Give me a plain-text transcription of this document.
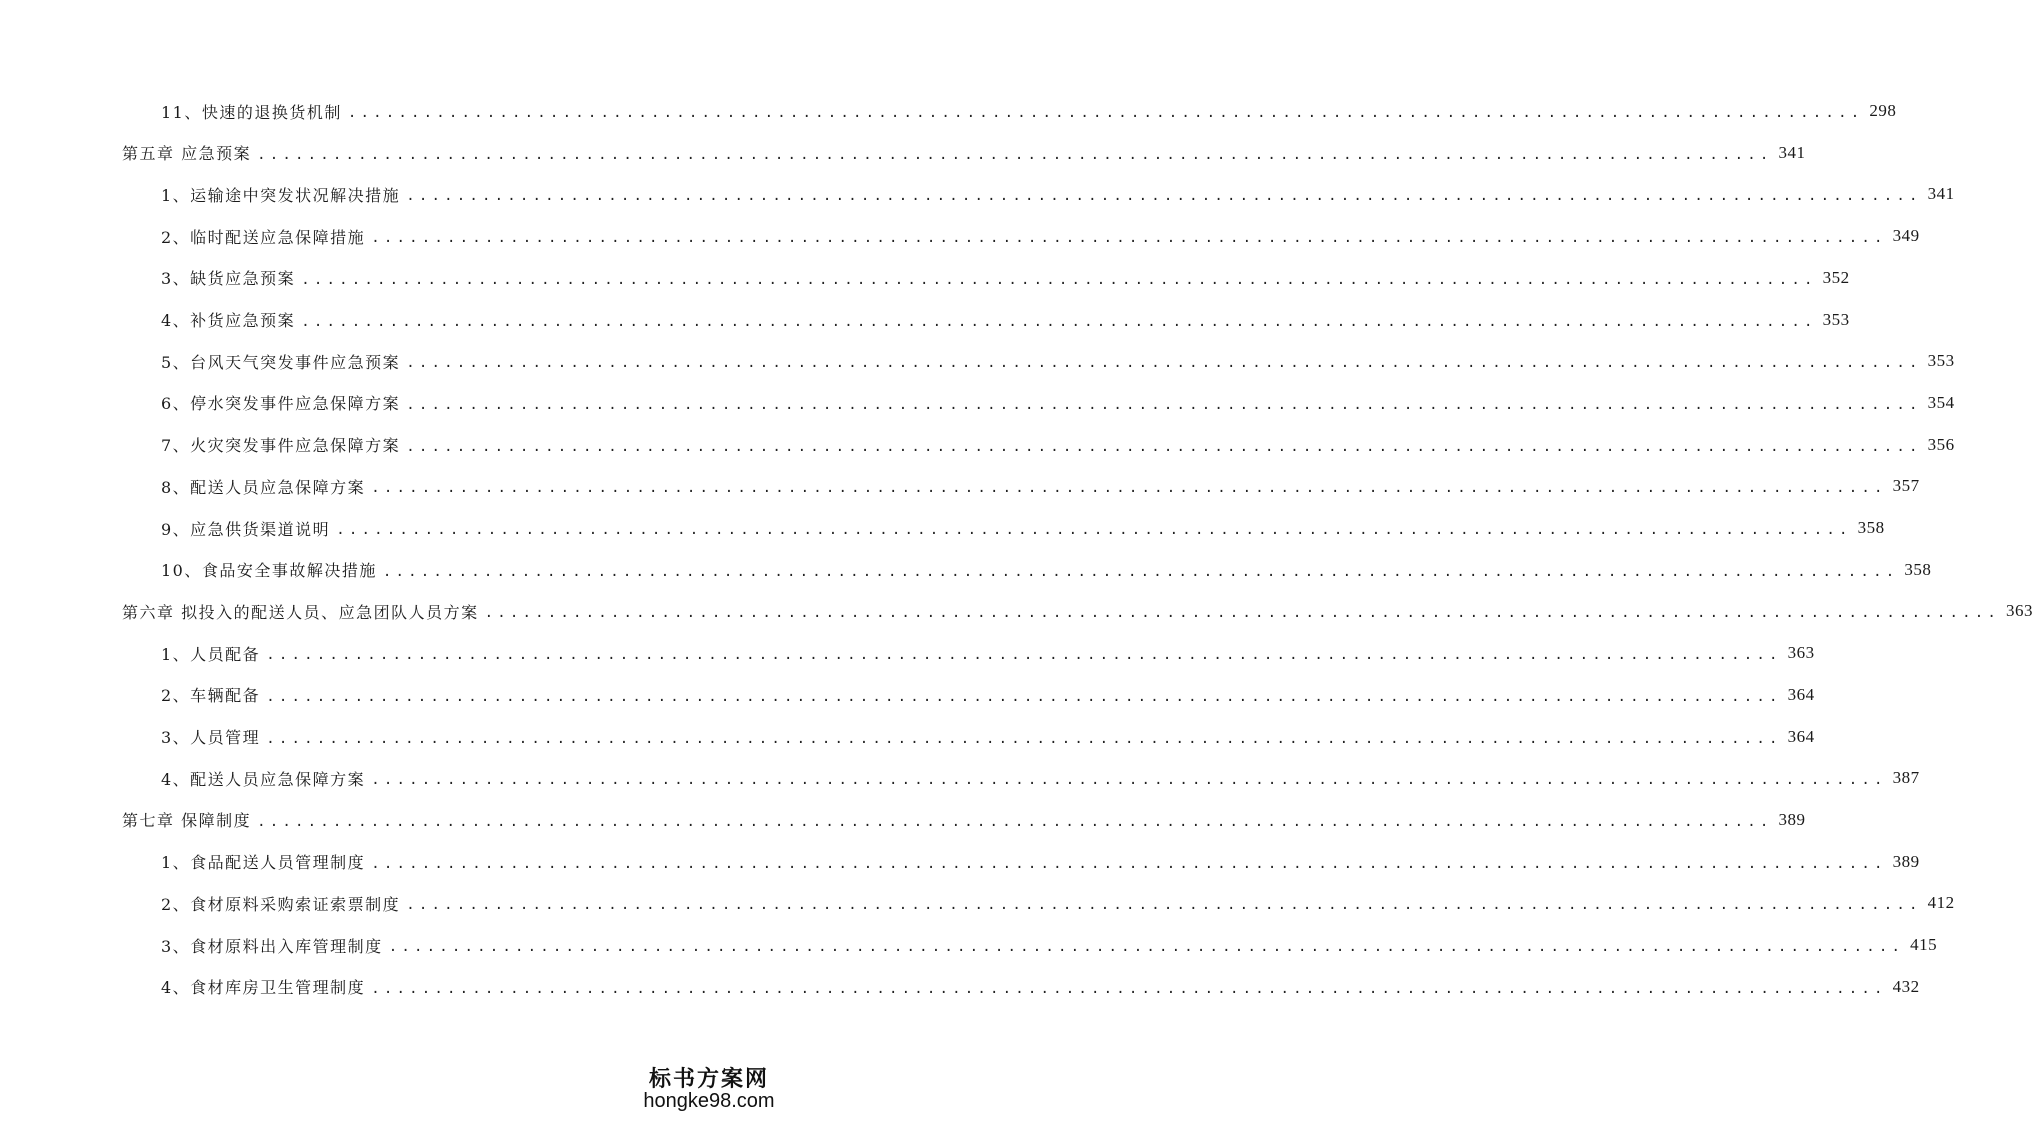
11、快速的退换货机制 ........................................................................................................................ 298
第五章 应急预案 ........................................................................................................................ 341
1、运输途中突发状况解决措施 ........................................................................................................................ 341
2、临时配送应急保障措施 ........................................................................................................................ 349
3、缺货应急预案 ........................................................................................................................ 352
4、补货应急预案 ........................................................................................................................ 353
5、台风天气突发事件应急预案 ........................................................................................................................ 353
6、停水突发事件应急保障方案 ........................................................................................................................ 354
7、火灾突发事件应急保障方案 ........................................................................................................................ 356
8、配送人员应急保障方案 ........................................................................................................................ 357
9、应急供货渠道说明 ........................................................................................................................ 358
10、食品安全事故解决措施 ........................................................................................................................ 358
第六章 拟投入的配送人员、应急团队人员方案 ........................................................................................................................ 363
1、人员配备 ........................................................................................................................ 363
2、车辆配备 ........................................................................................................................ 364
3、人员管理 ........................................................................................................................ 364
4、配送人员应急保障方案 ........................................................................................................................ 387
第七章 保障制度 ........................................................................................................................ 389
1、食品配送人员管理制度 ........................................................................................................................ 389
2、食材原料采购索证索票制度 ........................................................................................................................ 412
3、食材原料出入库管理制度 ........................................................................................................................ 415
4、食材库房卫生管理制度 ........................................................................................................................ 432
标书方案网
hongke98.com
